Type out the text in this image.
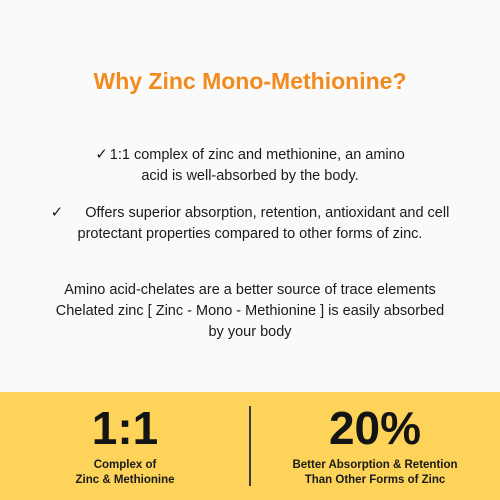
Why Zinc Mono-Methionine?
✓ 1:1 complex of zinc and methionine, an amino
acid is well-absorbed by the body.
✓ Offers superior absorption, retention, antioxidant and cell
protectant properties compared to other forms of zinc.
Amino acid-chelates are a better source of trace elements
Chelated zinc [ Zinc - Mono - Methionine ] is easily absorbed
by your body
1:1
Complex of
Zinc & Methionine
20%
Better Absorption & Retention
Than Other Forms of Zinc
